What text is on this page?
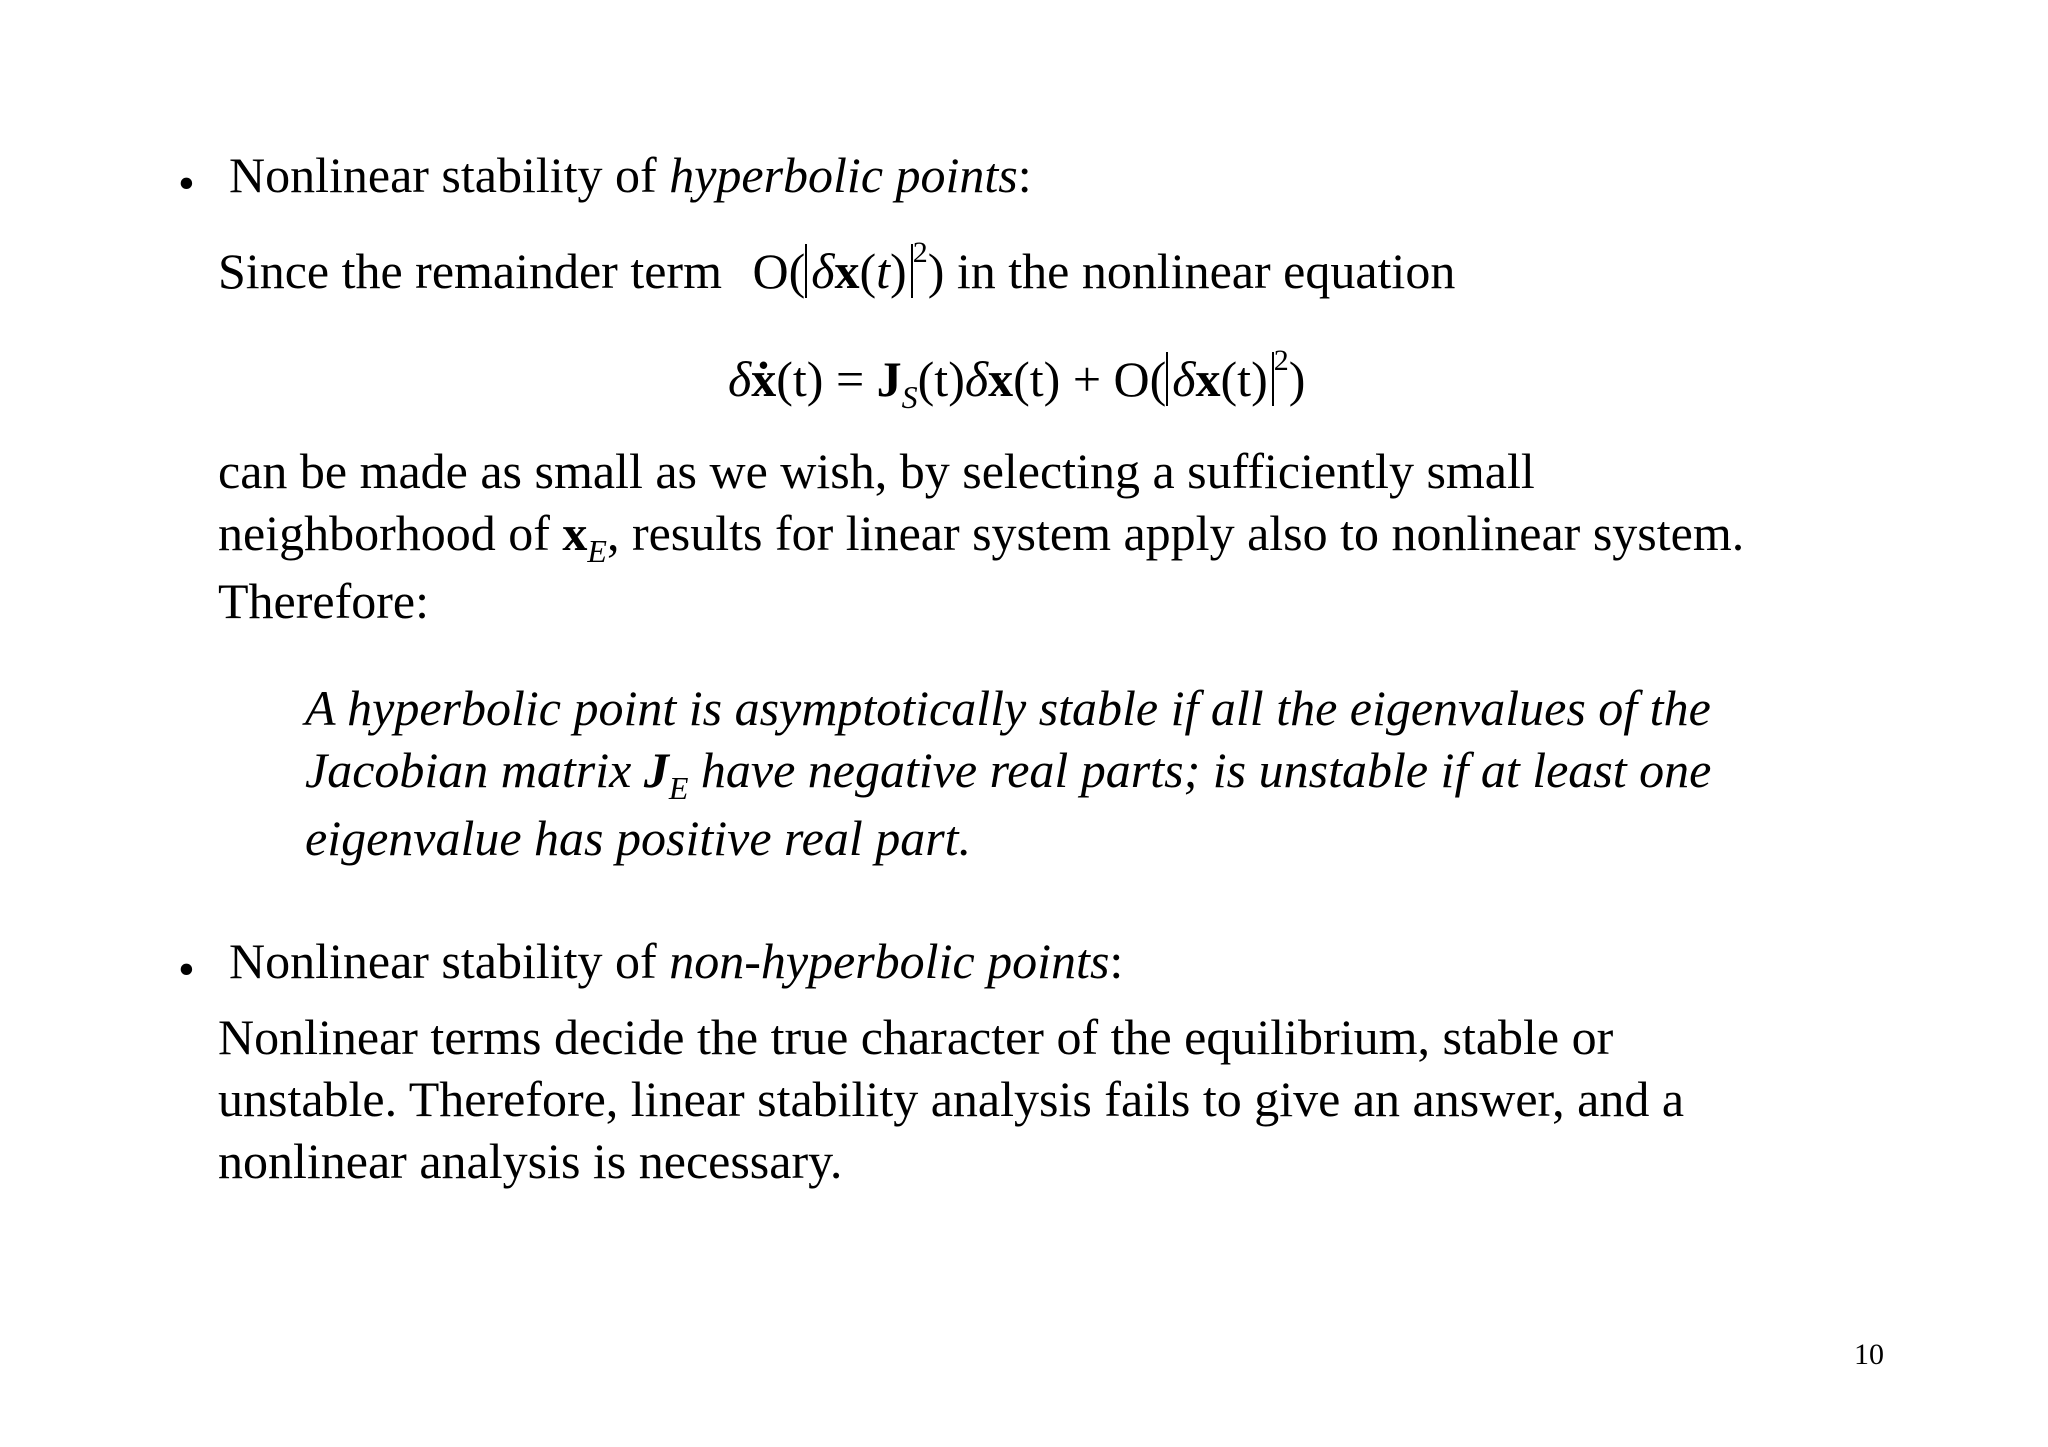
• Nonlinear stability of hyperbolic points:
Since the remainder term O( δx(t) $^2$) in the nonlinear equation
δẋ(t) = $J_S(t)\delta x(t) + O$( δx(t) $^2$)
can be made as small as we wish, by selecting a sufficiently small
neighborhood of $x_E$, results for linear system apply also to nonlinear system.
Therefore:
A hyperbolic point is asymptotically stable if all the eigenvalues of the
Jacobian matrix $J_E$ have negative real parts; is unstable if at least one
eigenvalue has positive real part.
• Nonlinear stability of non-hyperbolic points:
Nonlinear terms decide the true character of the equilibrium, stable or
unstable. Therefore, linear stability analysis fails to give an answer, and a
nonlinear analysis is necessary.
10
